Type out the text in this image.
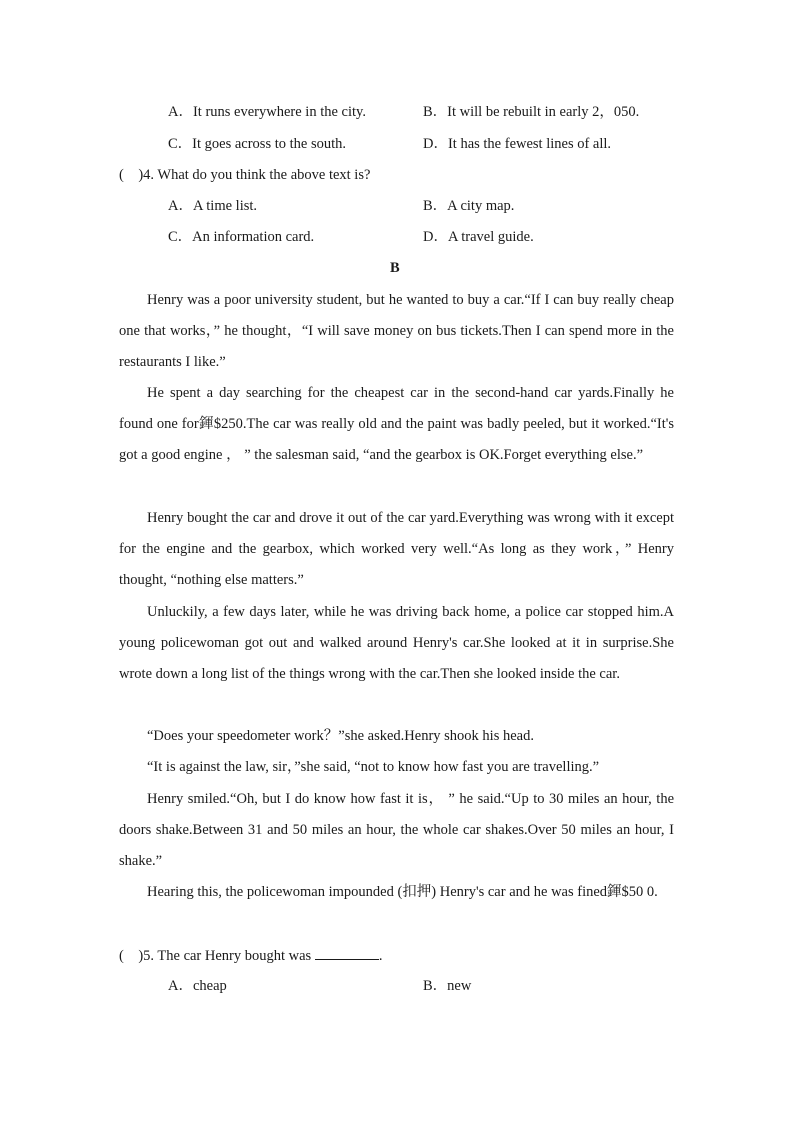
A．It runs everywhere in the city.	B．It will be rebuilt in early 2，050.
C．It goes across to the south.	D．It has the fewest lines of all.
(　)4. What do you think the above text is?
A．A time list.	B．A city map.
C．An information card.	D．A travel guide.
B
Henry was a poor university student, but he wanted to buy a car.“If I can buy really cheap one that works，” he thought，“I will save money on bus tickets.Then I can spend more in the restaurants I like.”
He spent a day searching for the cheapest car in the second-hand car yards.Finally he found one for鍕$250.The car was really old and the paint was badly peeled, but it worked.“It's got a good engine ， ” the salesman said, “and the gearbox is OK.Forget everything else.”
Henry bought the car and drove it out of the car yard.Everything was wrong with it except for the engine and the gearbox, which worked very well.“As long as they work，” Henry thought, “nothing else matters.”
Unluckily, a few days later, while he was driving back home, a police car stopped him.A young policewoman got out and walked around Henry's car.She looked at it in surprise.She wrote down a long list of the things wrong with the car.Then she looked inside the car.
“Does your speedometer work？”she asked.Henry shook his head.
“It is against the law, sir，”she said, “not to know how fast you are travelling.”
Henry smiled.“Oh, but I do know how fast it is， ” he said.“Up to 30 miles an hour, the doors shake.Between 31 and 50 miles an hour, the whole car shakes.Over 50 miles an hour, I shake.”
Hearing this, the policewoman impounded (扣押) Henry's car and he was fined鍕$50 0.
(　)5. The car Henry bought was	.
A．cheap	B．new
